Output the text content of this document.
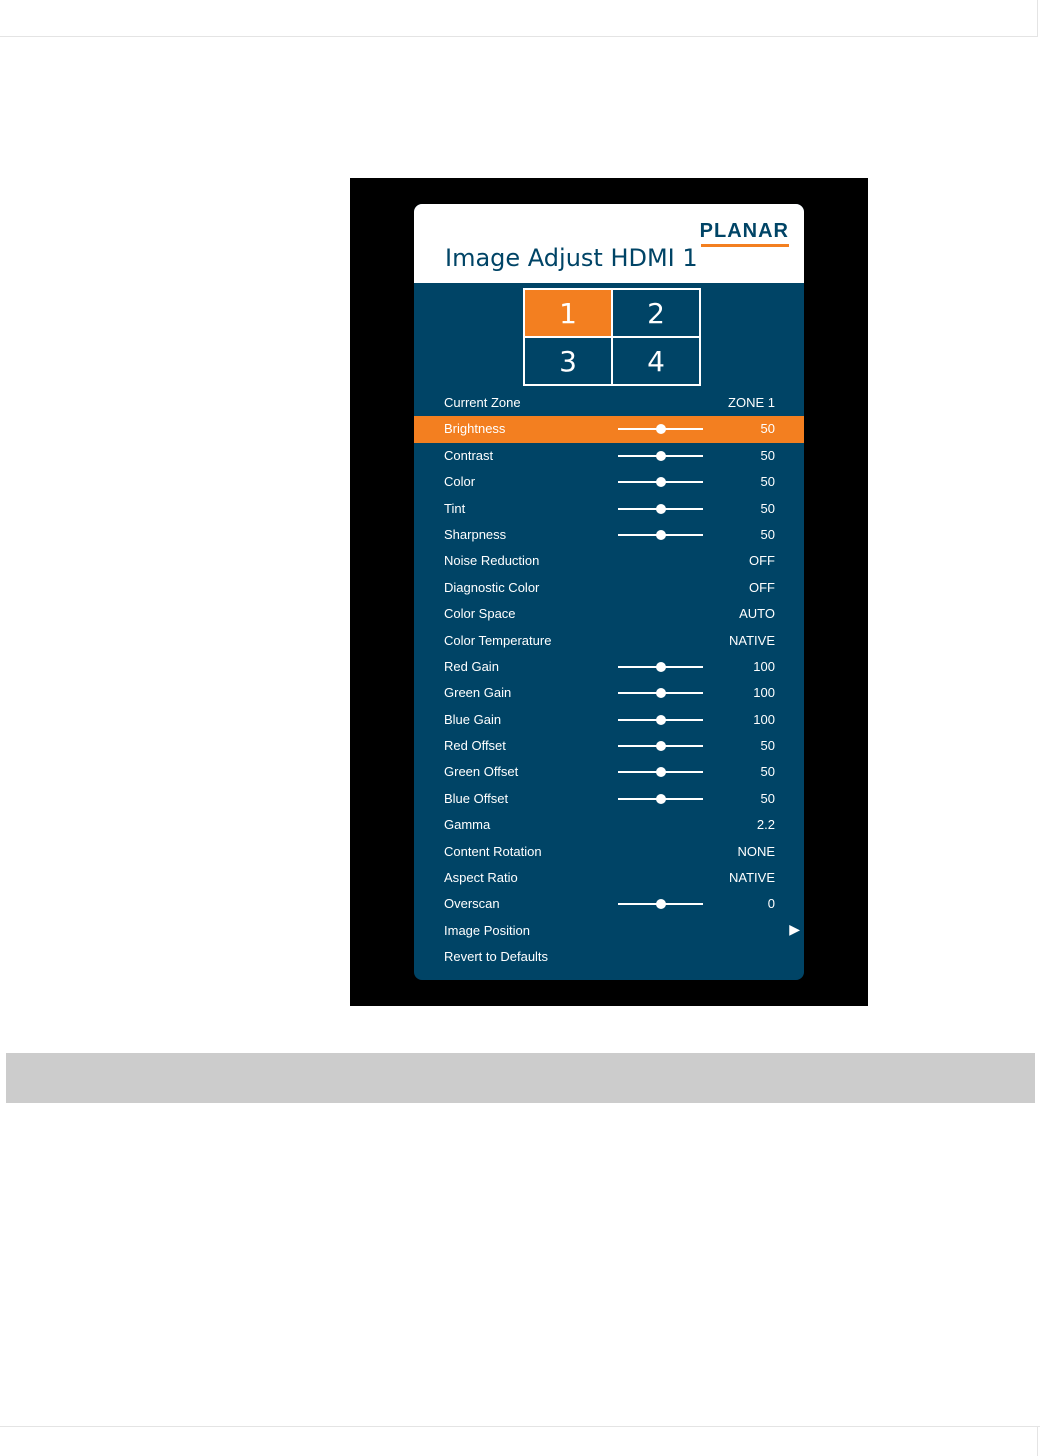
PLANAR
Image Adjust HDMI 1
1	2
3	4
Current Zone	ZONE 1
Brightness	50
Contrast	50
Color	50
Tint	50
Sharpness	50
Noise Reduction	OFF
Diagnostic Color	OFF
Color Space	AUTO
Color Temperature	NATIVE
Red Gain	100
Green Gain	100
Blue Gain	100
Red Offset	50
Green Offset	50
Blue Offset	50
Gamma	2.2
Content Rotation	NONE
Aspect Ratio	NATIVE
Overscan	0
Image Position	▶
Revert to Defaults
